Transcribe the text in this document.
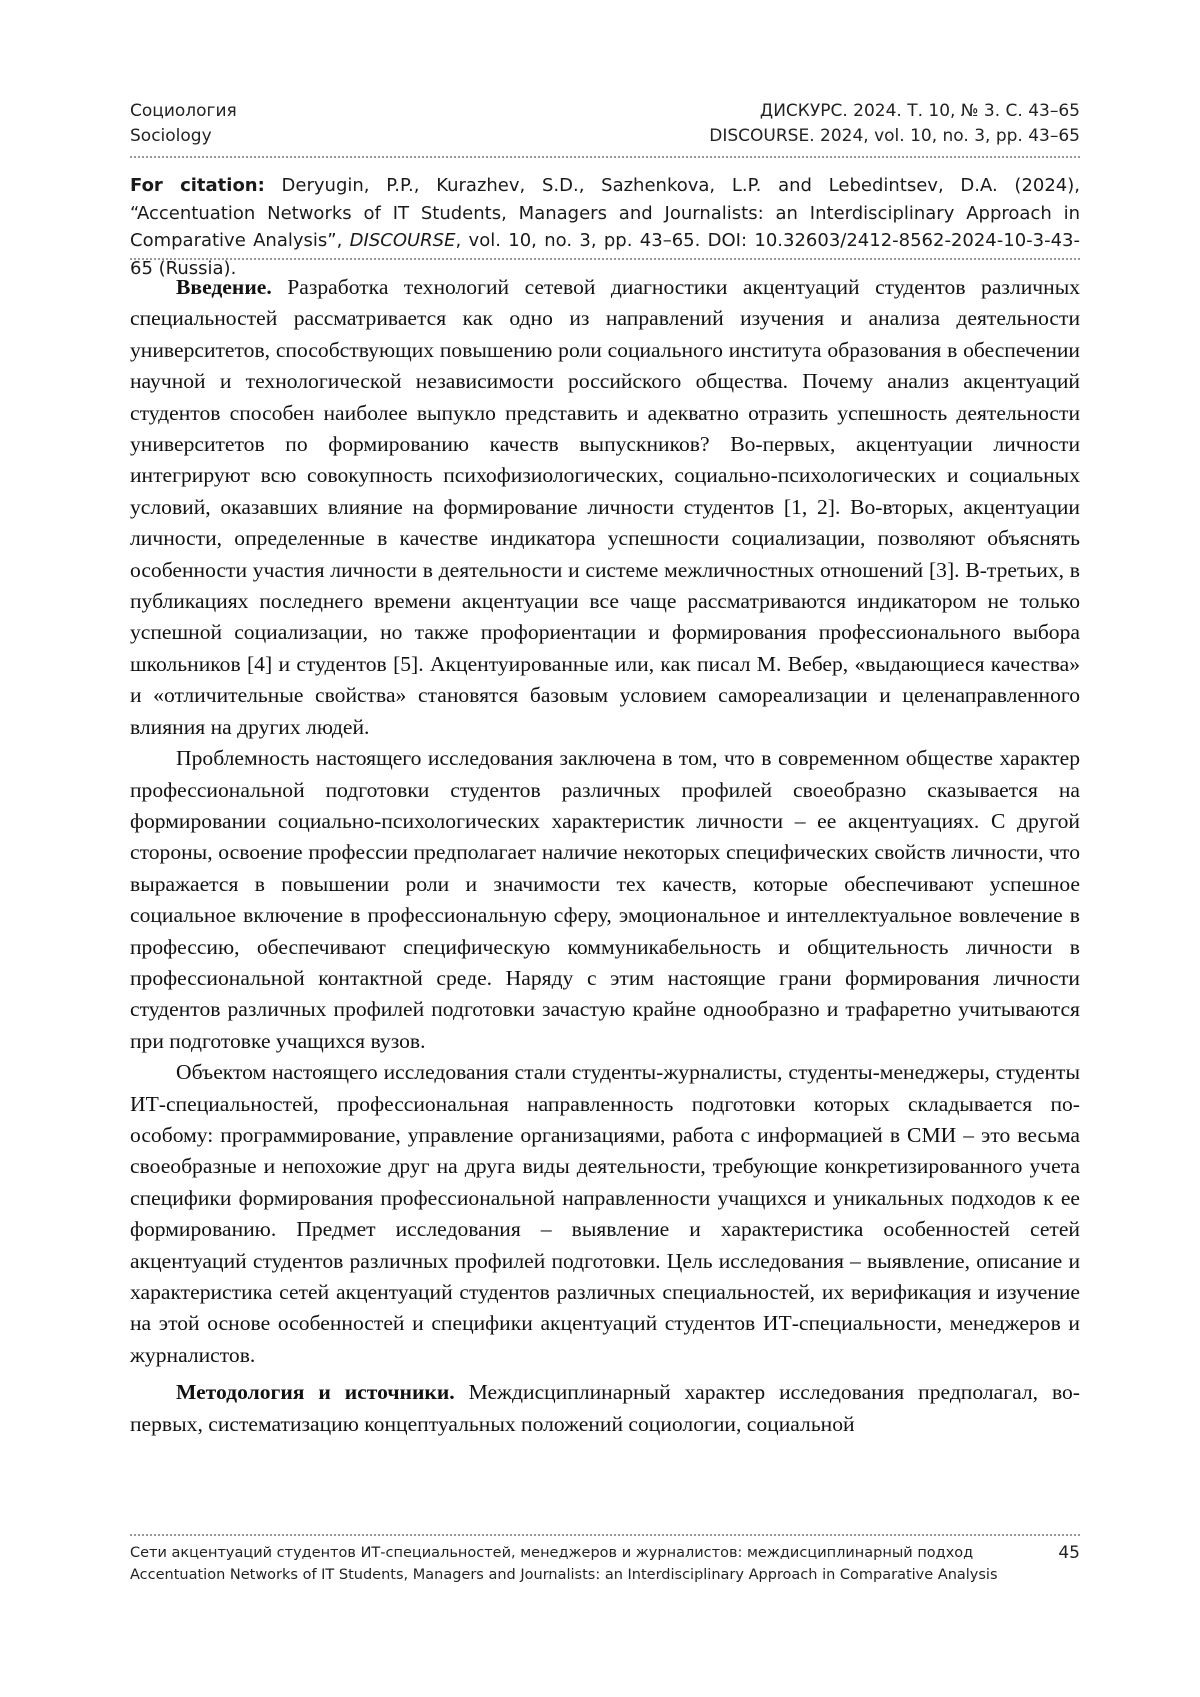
Социология	ДИСКУРС. 2024. Т. 10, № 3. С. 43–65
Sociology	DISCOURSE. 2024, vol. 10, no. 3, pp. 43–65
For citation: Deryugin, P.P., Kurazhev, S.D., Sazhenkova, L.P. and Lebedintsev, D.A. (2024), “Accentuation Networks of IT Students, Managers and Journalists: an Interdisciplinary Approach in Comparative Analysis”, DISCOURSE, vol. 10, no. 3, pp. 43–65. DOI: 10.32603/2412-8562-2024-10-3-43-65 (Russia).

Введение. Разработка технологий сетевой диагностики акцентуаций студентов различных специальностей рассматривается как одно из направлений изучения и анализа деятельности университетов, способствующих повышению роли социального института образования в обеспечении научной и технологической независимости российского общества. Почему анализ акцентуаций студентов способен наиболее выпукло представить и адекватно отразить успешность деятельности университетов по формированию качеств выпускников? Во-первых, акцентуации личности интегрируют всю совокупность психофизиологических, социально-психологических и социальных условий, оказавших влияние на формирование личности студентов [1, 2]. Во-вторых, акцентуации личности, определенные в качестве индикатора успешности социализации, позволяют объяснять особенности участия личности в деятельности и системе межличностных отношений [3]. В-третьих, в публикациях последнего времени акцентуации все чаще рассматриваются индикатором не только успешной социализации, но также профориентации и формирования профессионального выбора школьников [4] и студентов [5]. Акцентуированные или, как писал М. Вебер, «выдающиеся качества» и «отличительные свойства» становятся базовым условием самореализации и целенаправленного влияния на других людей.

Проблемность настоящего исследования заключена в том, что в современном обществе характер профессиональной подготовки студентов различных профилей своеобразно сказывается на формировании социально-психологических характеристик личности – ее акцентуациях. С другой стороны, освоение профессии предполагает наличие некоторых специфических свойств личности, что выражается в повышении роли и значимости тех качеств, которые обеспечивают успешное социальное включение в профессиональную сферу, эмоциональное и интеллектуальное вовлечение в профессию, обеспечивают специфическую коммуникабельность и общительность личности в профессиональной контактной среде. Наряду с этим настоящие грани формирования личности студентов различных профилей подготовки зачастую крайне однообразно и трафаретно учитываются при подготовке учащихся вузов.

Объектом настоящего исследования стали студенты-журналисты, студенты-менеджеры, студенты ИТ-специальностей, профессиональная направленность подготовки которых складывается по-особому: программирование, управление организациями, работа с информацией в СМИ – это весьма своеобразные и непохожие друг на друга виды деятельности, требующие конкретизированного учета специфики формирования профессиональной направленности учащихся и уникальных подходов к ее формированию. Предмет исследования – выявление и характеристика особенностей сетей акцентуаций студентов различных профилей подготовки. Цель исследования – выявление, описание и характеристика сетей акцентуаций студентов различных специальностей, их верификация и изучение на этой основе особенностей и специфики акцентуаций студентов ИТ-специальности, менеджеров и журналистов.

Методология и источники. Междисциплинарный характер исследования предполагал, во-первых, систематизацию концептуальных положений социологии, социальной

Сети акцентуаций студентов ИТ-специальностей, менеджеров и журналистов: междисциплинарный подход	45
Accentuation Networks of IT Students, Managers and Journalists: an Interdisciplinary Approach in Comparative Analysis
